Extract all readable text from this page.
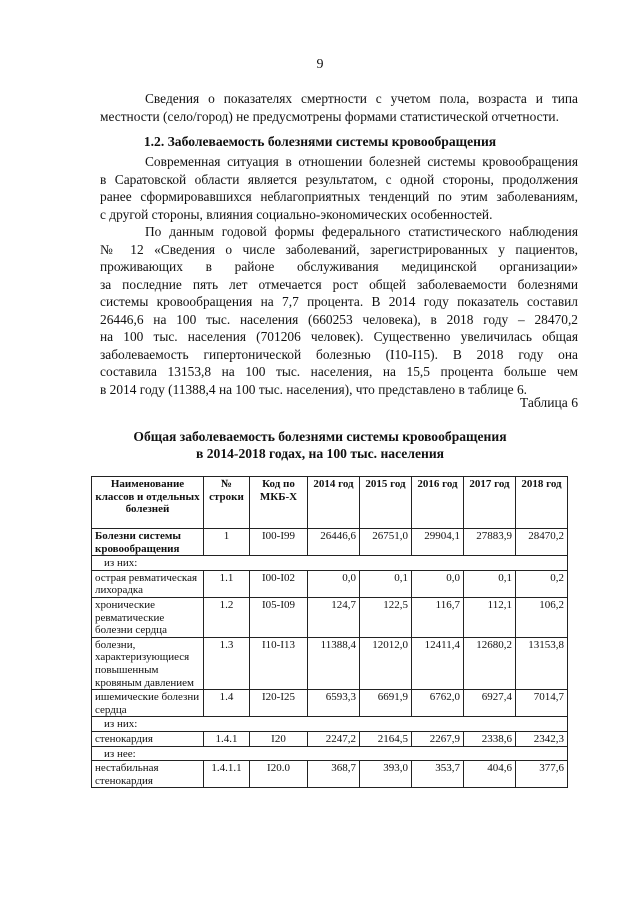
9

Сведения о показателях смертности с учетом пола, возраста и типа
местности (село/город) не предусмотрены формами статистической отчетности.

1.2. Заболеваемость болезнями системы кровообращения

Современная ситуация в отношении болезней системы кровообращения
в Саратовской области является результатом, с одной стороны, продолжения
ранее сформировавшихся неблагоприятных тенденций по этим заболеваниям,
с другой стороны, влияния социально-экономических особенностей.

По данным годовой формы федерального статистического наблюдения
№ 12 «Сведения о числе заболеваний, зарегистрированных у пациентов,
проживающих в районе обслуживания медицинской организации»
за последние пять лет отмечается рост общей заболеваемости болезнями
системы кровообращения на 7,7 процента. В 2014 году показатель составил
26446,6 на 100 тыс. населения (660253 человека), в 2018 году – 28470,2
на 100 тыс. населения (701206 человек). Существенно увеличилась общая
заболеваемость гипертонической болезнью (I10-I15). В 2018 году она
составила 13153,8 на 100 тыс. населения, на 15,5 процента больше чем
в 2014 году (11388,4 на 100 тыс. населения), что представлено в таблице 6.

Таблица 6
Общая заболеваемость болезнями системы кровообращения
в 2014-2018 годах, на 100 тыс. населения
Наименование классов и отдельных болезней	№ строки	Код по МКБ-Х	2014 год	2015 год	2016 год	2017 год	2018 год
Болезни системы кровообращения	1	I00-I99	26446,6	26751,0	29904,1	27883,9	28470,2
из них:							
острая ревматическая лихорадка	1.1	I00-I02	0,0	0,1	0,0	0,1	0,2
хронические ревматические болезни сердца	1.2	I05-I09	124,7	122,5	116,7	112,1	106,2
болезни, характеризующиеся повышенным кровяным давлением	1.3	I10-I13	11388,4	12012,0	12411,4	12680,2	13153,8
ишемические болезни сердца	1.4	I20-I25	6593,3	6691,9	6762,0	6927,4	7014,7
из них:							
стенокардия	1.4.1	I20	2247,2	2164,5	2267,9	2338,6	2342,3
из нее:							
нестабильная стенокардия	1.4.1.1	I20.0	368,7	393,0	353,7	404,6	377,6
